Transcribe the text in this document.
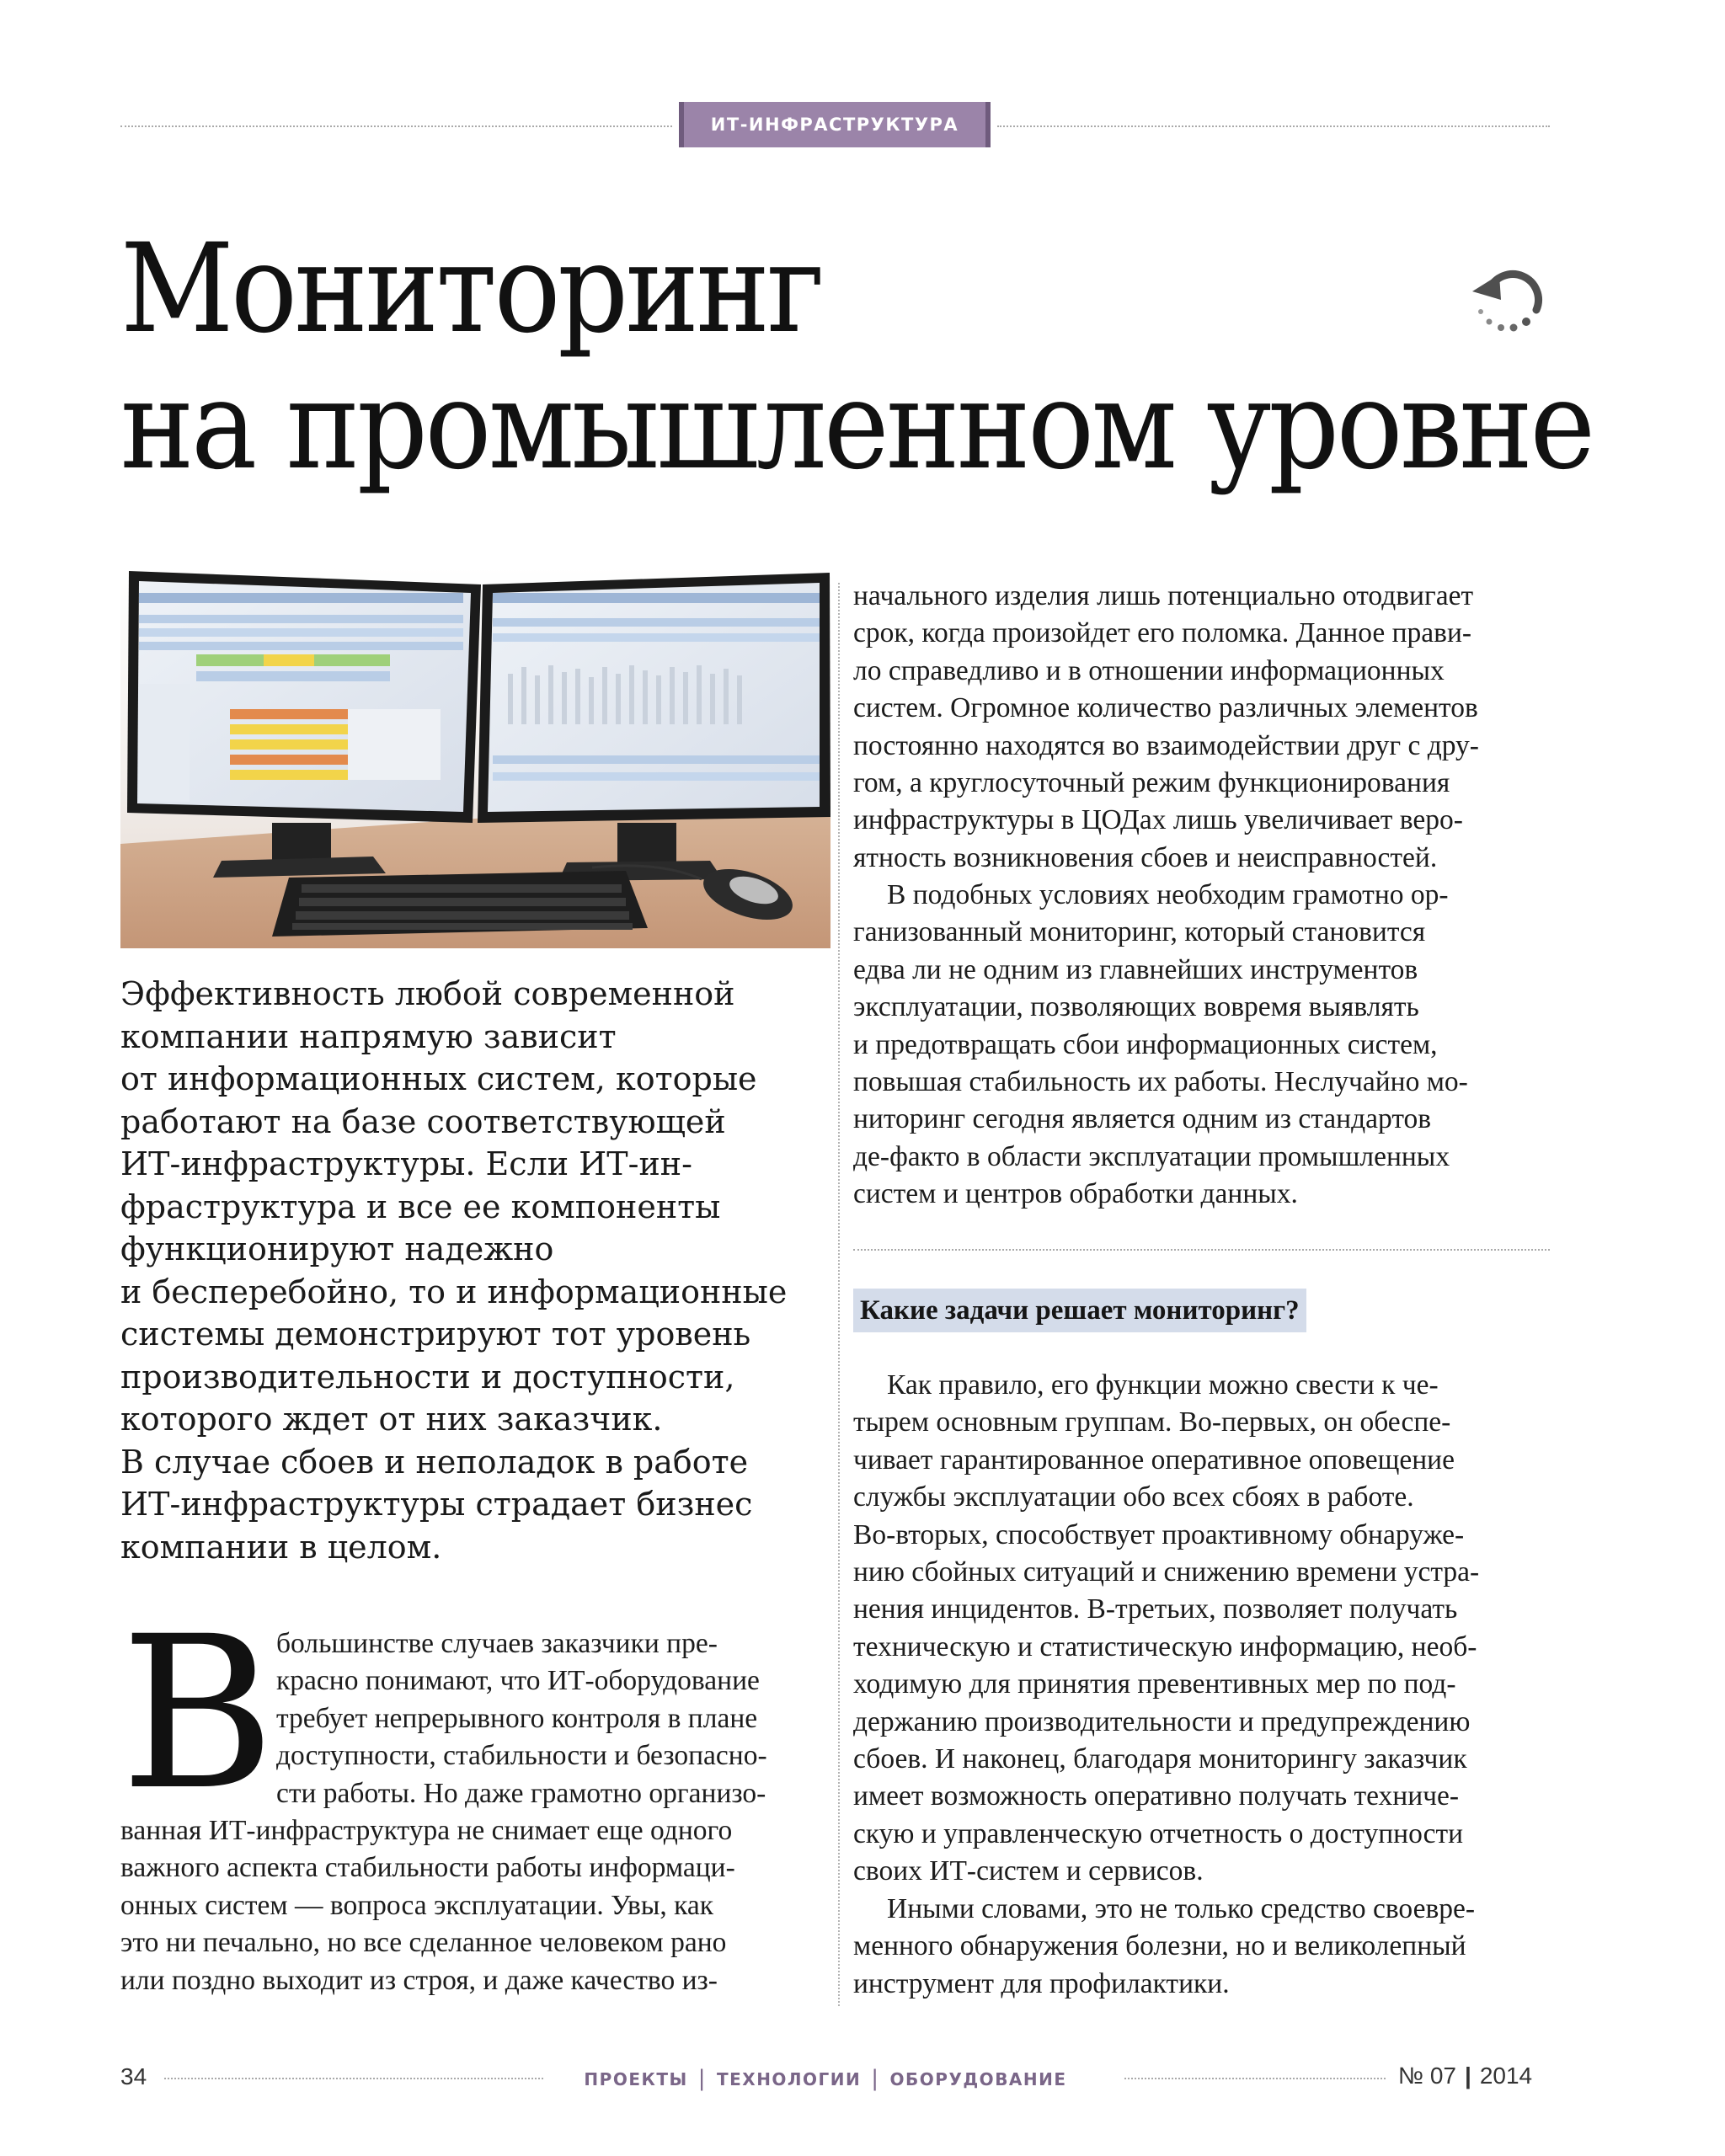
ИТ-ИНФРАСТРУКТУРА
Мониторинг
на промышленном уровне

Эффективность любой современной
компании напрямую зависит
от информационных систем, которые
работают на базе соответствующей
ИТ-инфраструктуры. Если ИТ-ин-
фраструктура и все ее компоненты
функционируют надежно
и бесперебойно, то и информационные
системы демонстрируют тот уровень
производительности и доступности,
которого ждет от них заказчик.
В случае сбоев и неполадок в работе
ИТ-инфраструктуры страдает бизнес
компании в целом.

В большинстве случаев заказчики пре-
красно понимают, что ИТ-оборудование
требует непрерывного контроля в плане
доступности, стабильности и безопасно-
сти работы. Но даже грамотно организо-
ванная ИТ-инфраструктура не снимает еще одного
важного аспекта стабильности работы информаци-
онных систем — вопроса эксплуатации. Увы, как
это ни печально, но все сделанное человеком рано
или поздно выходит из строя, и даже качество из-
начального изделия лишь потенциально отодвигает
срок, когда произойдет его поломка. Данное прави-
ло справедливо и в отношении информационных
систем. Огромное количество различных элементов
постоянно находятся во взаимодействии друг с дру-
гом, а круглосуточный режим функционирования
инфраструктуры в ЦОДах лишь увеличивает веро-
ятность возникновения сбоев и неисправностей.
В подобных условиях необходим грамотно ор-
ганизованный мониторинг, который становится
едва ли не одним из главнейших инструментов
эксплуатации, позволяющих вовремя выявлять
и предотвращать сбои информационных систем,
повышая стабильность их работы. Неслучайно мо-
ниторинг сегодня является одним из стандартов
де-факто в области эксплуатации промышленных
систем и центров обработки данных.
Какие задачи решает мониторинг?
Как правило, его функции можно свести к че-
тырем основным группам. Во-первых, он обеспе-
чивает гарантированное оперативное оповещение
службы эксплуатации обо всех сбоях в работе.
Во-вторых, способствует проактивному обнаруже-
нию сбойных ситуаций и снижению времени устра-
нения инцидентов. В-третьих, позволяет получать
техническую и статистическую информацию, необ-
ходимую для принятия превентивных мер по под-
держанию производительности и предупреждению
сбоев. И наконец, благодаря мониторингу заказчик
имеет возможность оперативно получать техниче-
скую и управленческую отчетность о доступности
своих ИТ-систем и сервисов.
Иными словами, это не только средство своевре-
менного обнаружения болезни, но и великолепный
инструмент для профилактики.
34	ПРОЕКТЫ | ТЕХНОЛОГИИ | ОБОРУДОВАНИЕ	№ 07 | 2014
